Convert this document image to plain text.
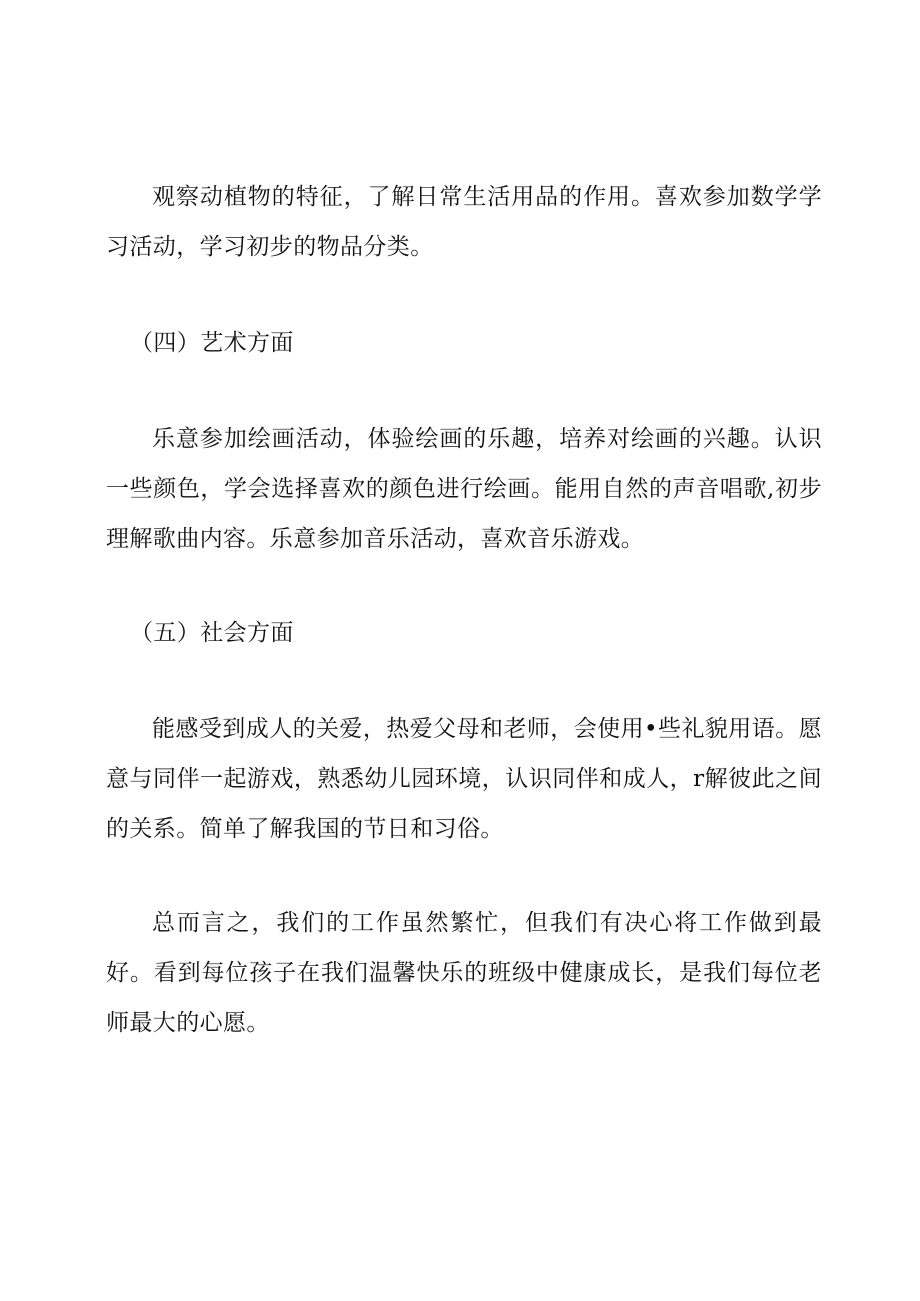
观察动植物的特征，了解日常生活用品的作用。喜欢参加数学学习活动，学习初步的物品分类。

（四）艺术方面

乐意参加绘画活动，体验绘画的乐趣，培养对绘画的兴趣。认识一些颜色，学会选择喜欢的颜色进行绘画。能用自然的声音唱歌,初步理解歌曲内容。乐意参加音乐活动，喜欢音乐游戏。

（五）社会方面

能感受到成人的关爱，热爱父母和老师，会使用•些礼貌用语。愿意与同伴一起游戏，熟悉幼儿园环境，认识同伴和成人，r解彼此之间的关系。简单了解我国的节日和习俗。

总而言之，我们的工作虽然繁忙，但我们有决心将工作做到最好。看到每位孩子在我们温馨快乐的班级中健康成长，是我们每位老师最大的心愿。
